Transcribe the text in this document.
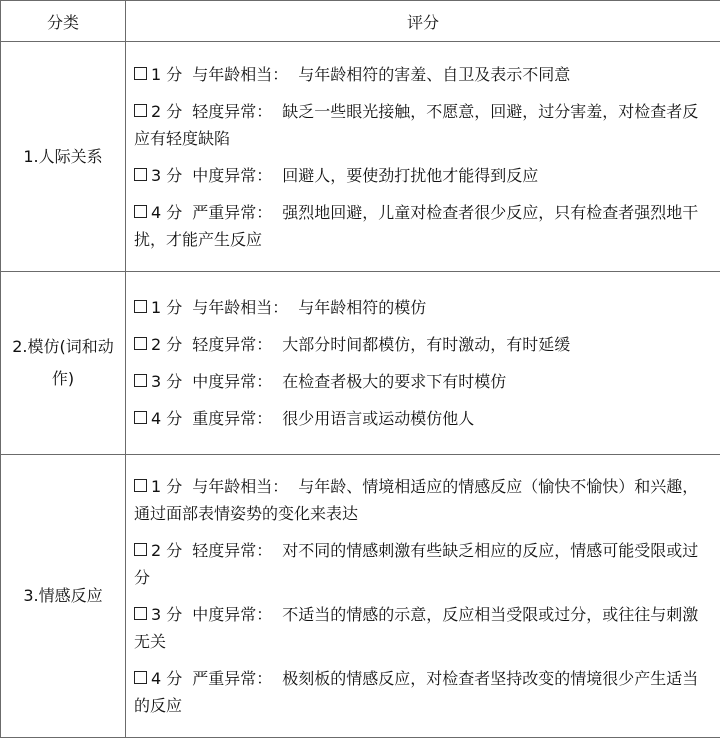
分类	评分
1.人际关系	1 分 与年龄相当： 与年龄相符的害羞、自卫及表示不同意
2 分 轻度异常： 缺乏一些眼光接触，不愿意，回避，过分害羞，对检查者反应有轻度缺陷
3 分 中度异常： 回避人，要使劲打扰他才能得到反应
4 分 严重异常： 强烈地回避，儿童对检查者很少反应，只有检查者强烈地干扰，才能产生反应

2.模仿(词和动作)	1 分 与年龄相当： 与年龄相符的模仿
2 分 轻度异常： 大部分时间都模仿，有时激动，有时延缓
3 分 中度异常： 在检查者极大的要求下有时模仿
4 分 重度异常： 很少用语言或运动模仿他人

3.情感反应	1 分 与年龄相当： 与年龄、情境相适应的情感反应（愉快不愉快）和兴趣，通过面部表情姿势的变化来表达
2 分 轻度异常： 对不同的情感刺激有些缺乏相应的反应，情感可能受限或过分
3 分 中度异常： 不适当的情感的示意，反应相当受限或过分，或往往与刺激无关
4 分 严重异常： 极刻板的情感反应，对检查者坚持改变的情境很少产生适当的反应
